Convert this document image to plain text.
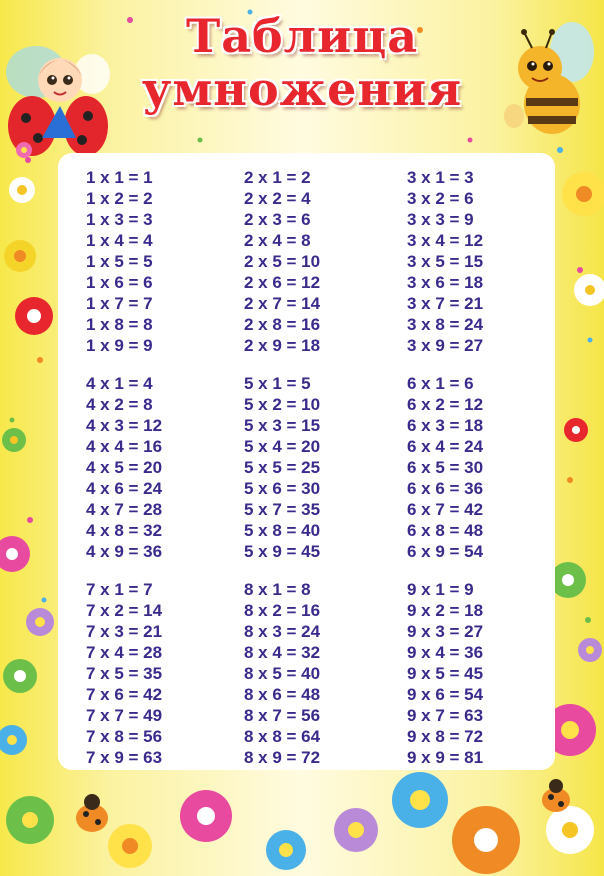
Таблица
умножения
1 x 1 = 1
1 x 2 = 2
1 x 3 = 3
1 x 4 = 4
1 x 5 = 5
1 x 6 = 6
1 x 7 = 7
1 x 8 = 8
1 x 9 = 9
2 x 1 = 2
2 x 2 = 4
2 x 3 = 6
2 x 4 = 8
2 x 5 = 10
2 x 6 = 12
2 x 7 = 14
2 x 8 = 16
2 x 9 = 18
3 x 1 = 3
3 x 2 = 6
3 x 3 = 9
3 x 4 = 12
3 x 5 = 15
3 x 6 = 18
3 x 7 = 21
3 x 8 = 24
3 x 9 = 27
4 x 1 = 4
4 x 2 = 8
4 x 3 = 12
4 x 4 = 16
4 x 5 = 20
4 x 6 = 24
4 x 7 = 28
4 x 8 = 32
4 x 9 = 36
5 x 1 = 5
5 x 2 = 10
5 x 3 = 15
5 x 4 = 20
5 x 5 = 25
5 x 6 = 30
5 x 7 = 35
5 x 8 = 40
5 x 9 = 45
6 x 1 = 6
6 x 2 = 12
6 x 3 = 18
6 x 4 = 24
6 x 5 = 30
6 x 6 = 36
6 x 7 = 42
6 x 8 = 48
6 x 9 = 54
7 x 1 = 7
7 x 2 = 14
7 x 3 = 21
7 x 4 = 28
7 x 5 = 35
7 x 6 = 42
7 x 7 = 49
7 x 8 = 56
7 x 9 = 63
8 x 1 = 8
8 x 2 = 16
8 x 3 = 24
8 x 4 = 32
8 x 5 = 40
8 x 6 = 48
8 x 7 = 56
8 x 8 = 64
8 x 9 = 72
9 x 1 = 9
9 x 2 = 18
9 x 3 = 27
9 x 4 = 36
9 x 5 = 45
9 x 6 = 54
9 x 7 = 63
9 x 8 = 72
9 x 9 = 81
